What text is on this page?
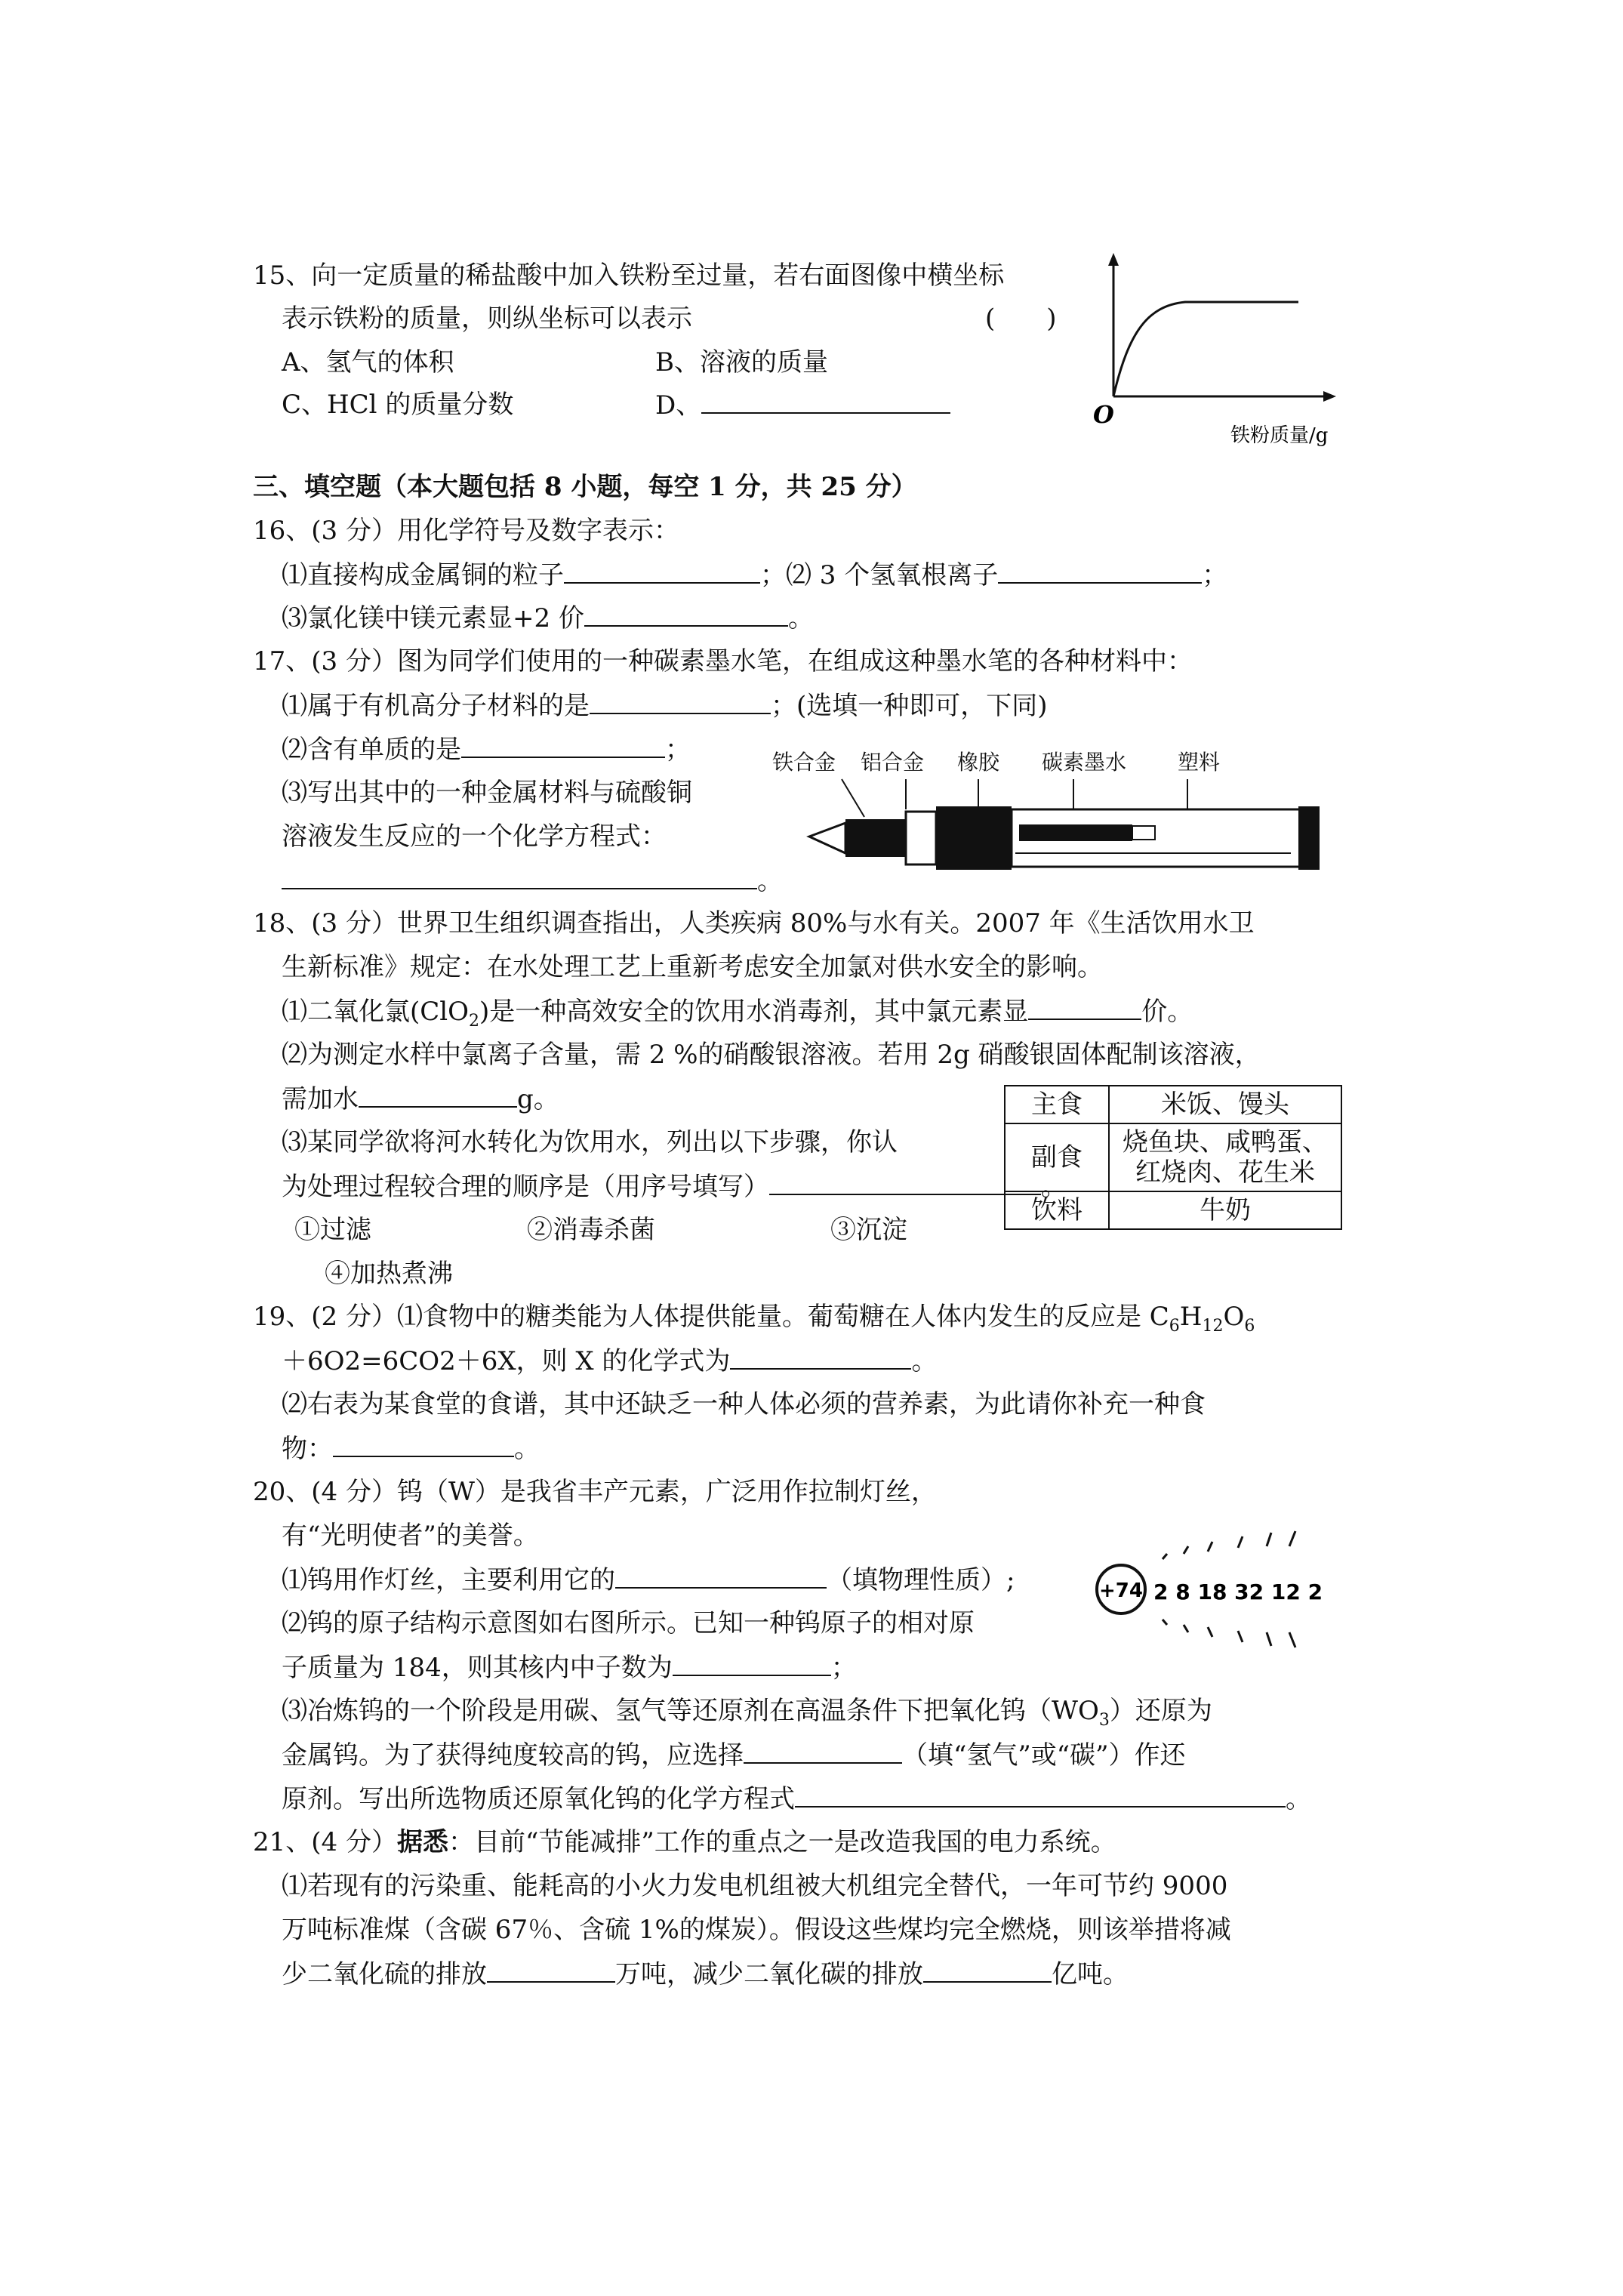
15、向一定质量的稀盐酸中加入铁粉至过量，若右面图像中横坐标
表示铁粉的质量，则纵坐标可以表示	(　　)
A、氢气的体积	B、溶液的质量
C、HCl 的质量分数	D、	O
铁粉质量/g
三、填空题（本大题包括 8 小题，每空 1 分，共 25 分）
16、(3 分）用化学符号及数字表示：
⑴直接构成金属铜的粒子	；⑵ 3 个氢氧根离子	；
⑶氯化镁中镁元素显+2 价	。
17、(3 分）图为同学们使用的一种碳素墨水笔，在组成这种墨水笔的各种材料中：
⑴属于有机高分子材料的是	；(选填一种即可，下同)
⑵含有单质的是	；
⑶写出其中的一种金属材料与硫酸铜
溶液发生反应的一个化学方程式：
。
铁合金 铝合金 橡胶 碳素墨水 塑料
18、(3 分）世界卫生组织调查指出，人类疾病 80%与水有关。2007 年《生活饮用水卫
生新标准》规定：在水处理工艺上重新考虑安全加氯对供水安全的影响。
⑴二氧化氯(ClO$_2$)是一种高效安全的饮用水消毒剂，其中氯元素显	价。
⑵为测定水样中氯离子含量，需 2 %的硝酸银溶液。若用 2g 硝酸银固体配制该溶液，
需加水	g。
⑶某同学欲将河水转化为饮用水，列出以下步骤，你认
为处理过程较合理的顺序是（用序号填写）	。
①过滤	②消毒杀菌	③沉淀
④加热煮沸
主食	米饭、馒头
副食	烧鱼块、咸鸭蛋、红烧肉、花生米
饮料	牛奶
19、(2 分）⑴食物中的糖类能为人体提供能量。葡萄糖在人体内发生的反应是 $C_6H_{12}O_6$
＋6O2=6CO2＋6X，则 X 的化学式为	。
⑵右表为某食堂的食谱，其中还缺乏一种人体必须的营养素，为此请你补充一种食
物：	。
20、(4 分）钨（W）是我省丰产元素，广泛用作拉制灯丝，
有“光明使者”的美誉。
⑴钨用作灯丝，主要利用它的	（填物理性质）;
⑵钨的原子结构示意图如右图所示。已知一种钨原子的相对原
子质量为 184，则其核内中子数为	；
⑶冶炼钨的一个阶段是用碳、氢气等还原剂在高温条件下把氧化钨$(WO_3)$还原为
金属钨。为了获得纯度较高的钨，应选择	（填“氢气”或“碳”）作还
原剂。写出所选物质还原氧化钨的化学方程式	。
+74 2 8 18 32 12 2
21、(4 分）据悉：目前“节能减排”工作的重点之一是改造我国的电力系统。
⑴若现有的污染重、能耗高的小火力发电机组被大机组完全替代，一年可节约 9000
万吨标准煤（含碳 67％、含硫 1%的煤炭）。假设这些煤均完全燃烧，则该举措将减
少二氧化硫的排放	万吨，减少二氧化碳的排放	亿吨。
